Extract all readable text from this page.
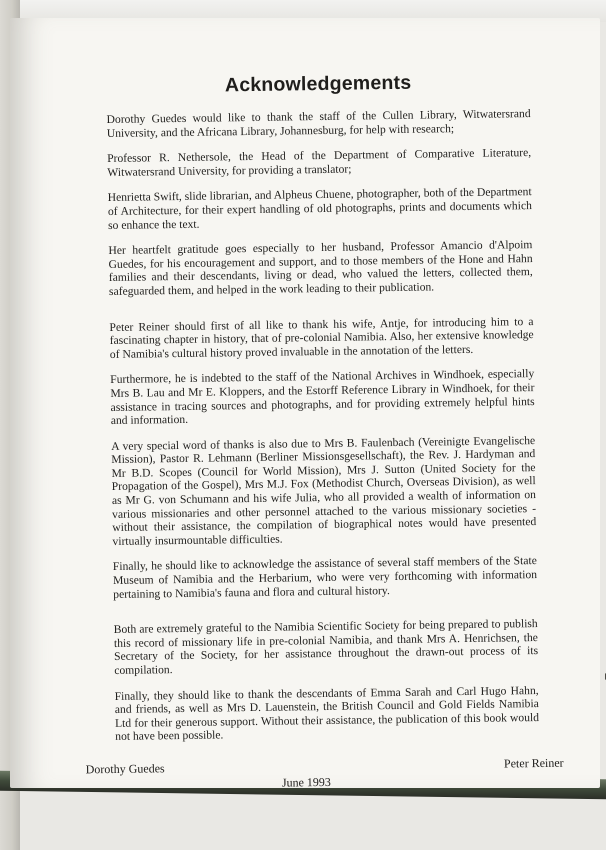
Acknowledgements

Dorothy Guedes would like to thank the staff of the Cullen Library, Witwatersrand University, and the Africana Library, Johannesburg, for help with research;

Professor R. Nethersole, the Head of the Department of Comparative Literature, Witwatersrand University, for providing a translator;

Henrietta Swift, slide librarian, and Alpheus Chuene, photographer, both of the Department of Architecture, for their expert handling of old photographs, prints and documents which so enhance the text.

Her heartfelt gratitude goes especially to her husband, Professor Amancio d'Alpoim Guedes, for his encouragement and support, and to those members of the Hone and Hahn families and their descendants, living or dead, who valued the letters, collected them, safeguarded them, and helped in the work leading to their publication.

Peter Reiner should first of all like to thank his wife, Antje, for introducing him to a fascinating chapter in history, that of pre-colonial Namibia. Also, her extensive knowledge of Namibia's cultural history proved invaluable in the annotation of the letters.

Furthermore, he is indebted to the staff of the National Archives in Windhoek, especially Mrs B. Lau and Mr E. Kloppers, and the Estorff Reference Library in Windhoek, for their assistance in tracing sources and photographs, and for providing extremely helpful hints and information.

A very special word of thanks is also due to Mrs B. Faulenbach (Vereinigte Evangelische Mission), Pastor R. Lehmann (Berliner Missionsgesellschaft), the Rev. J. Hardyman and Mr B.D. Scopes (Council for World Mission), Mrs J. Sutton (United Society for the Propagation of the Gospel), Mrs M.J. Fox (Methodist Church, Overseas Division), as well as Mr G. von Schumann and his wife Julia, who all provided a wealth of information on various missionaries and other personnel attached to the various missionary societies - without their assistance, the compilation of biographical notes would have presented virtually insurmountable difficulties.

Finally, he should like to acknowledge the assistance of several staff members of the State Museum of Namibia and the Herbarium, who were very forthcoming with information pertaining to Namibia's fauna and flora and cultural history.

Both are extremely grateful to the Namibia Scientific Society for being prepared to publish this record of missionary life in pre-colonial Namibia, and thank Mrs A. Henrichsen, the Secretary of the Society, for her assistance throughout the drawn-out process of its compilation.

Finally, they should like to thank the descendants of Emma Sarah and Carl Hugo Hahn, and friends, as well as Mrs D. Lauenstein, the British Council and Gold Fields Namibia Ltd for their generous support. Without their assistance, the publication of this book would not have been possible.

Dorothy Guedes
June 1993
Peter Reiner
